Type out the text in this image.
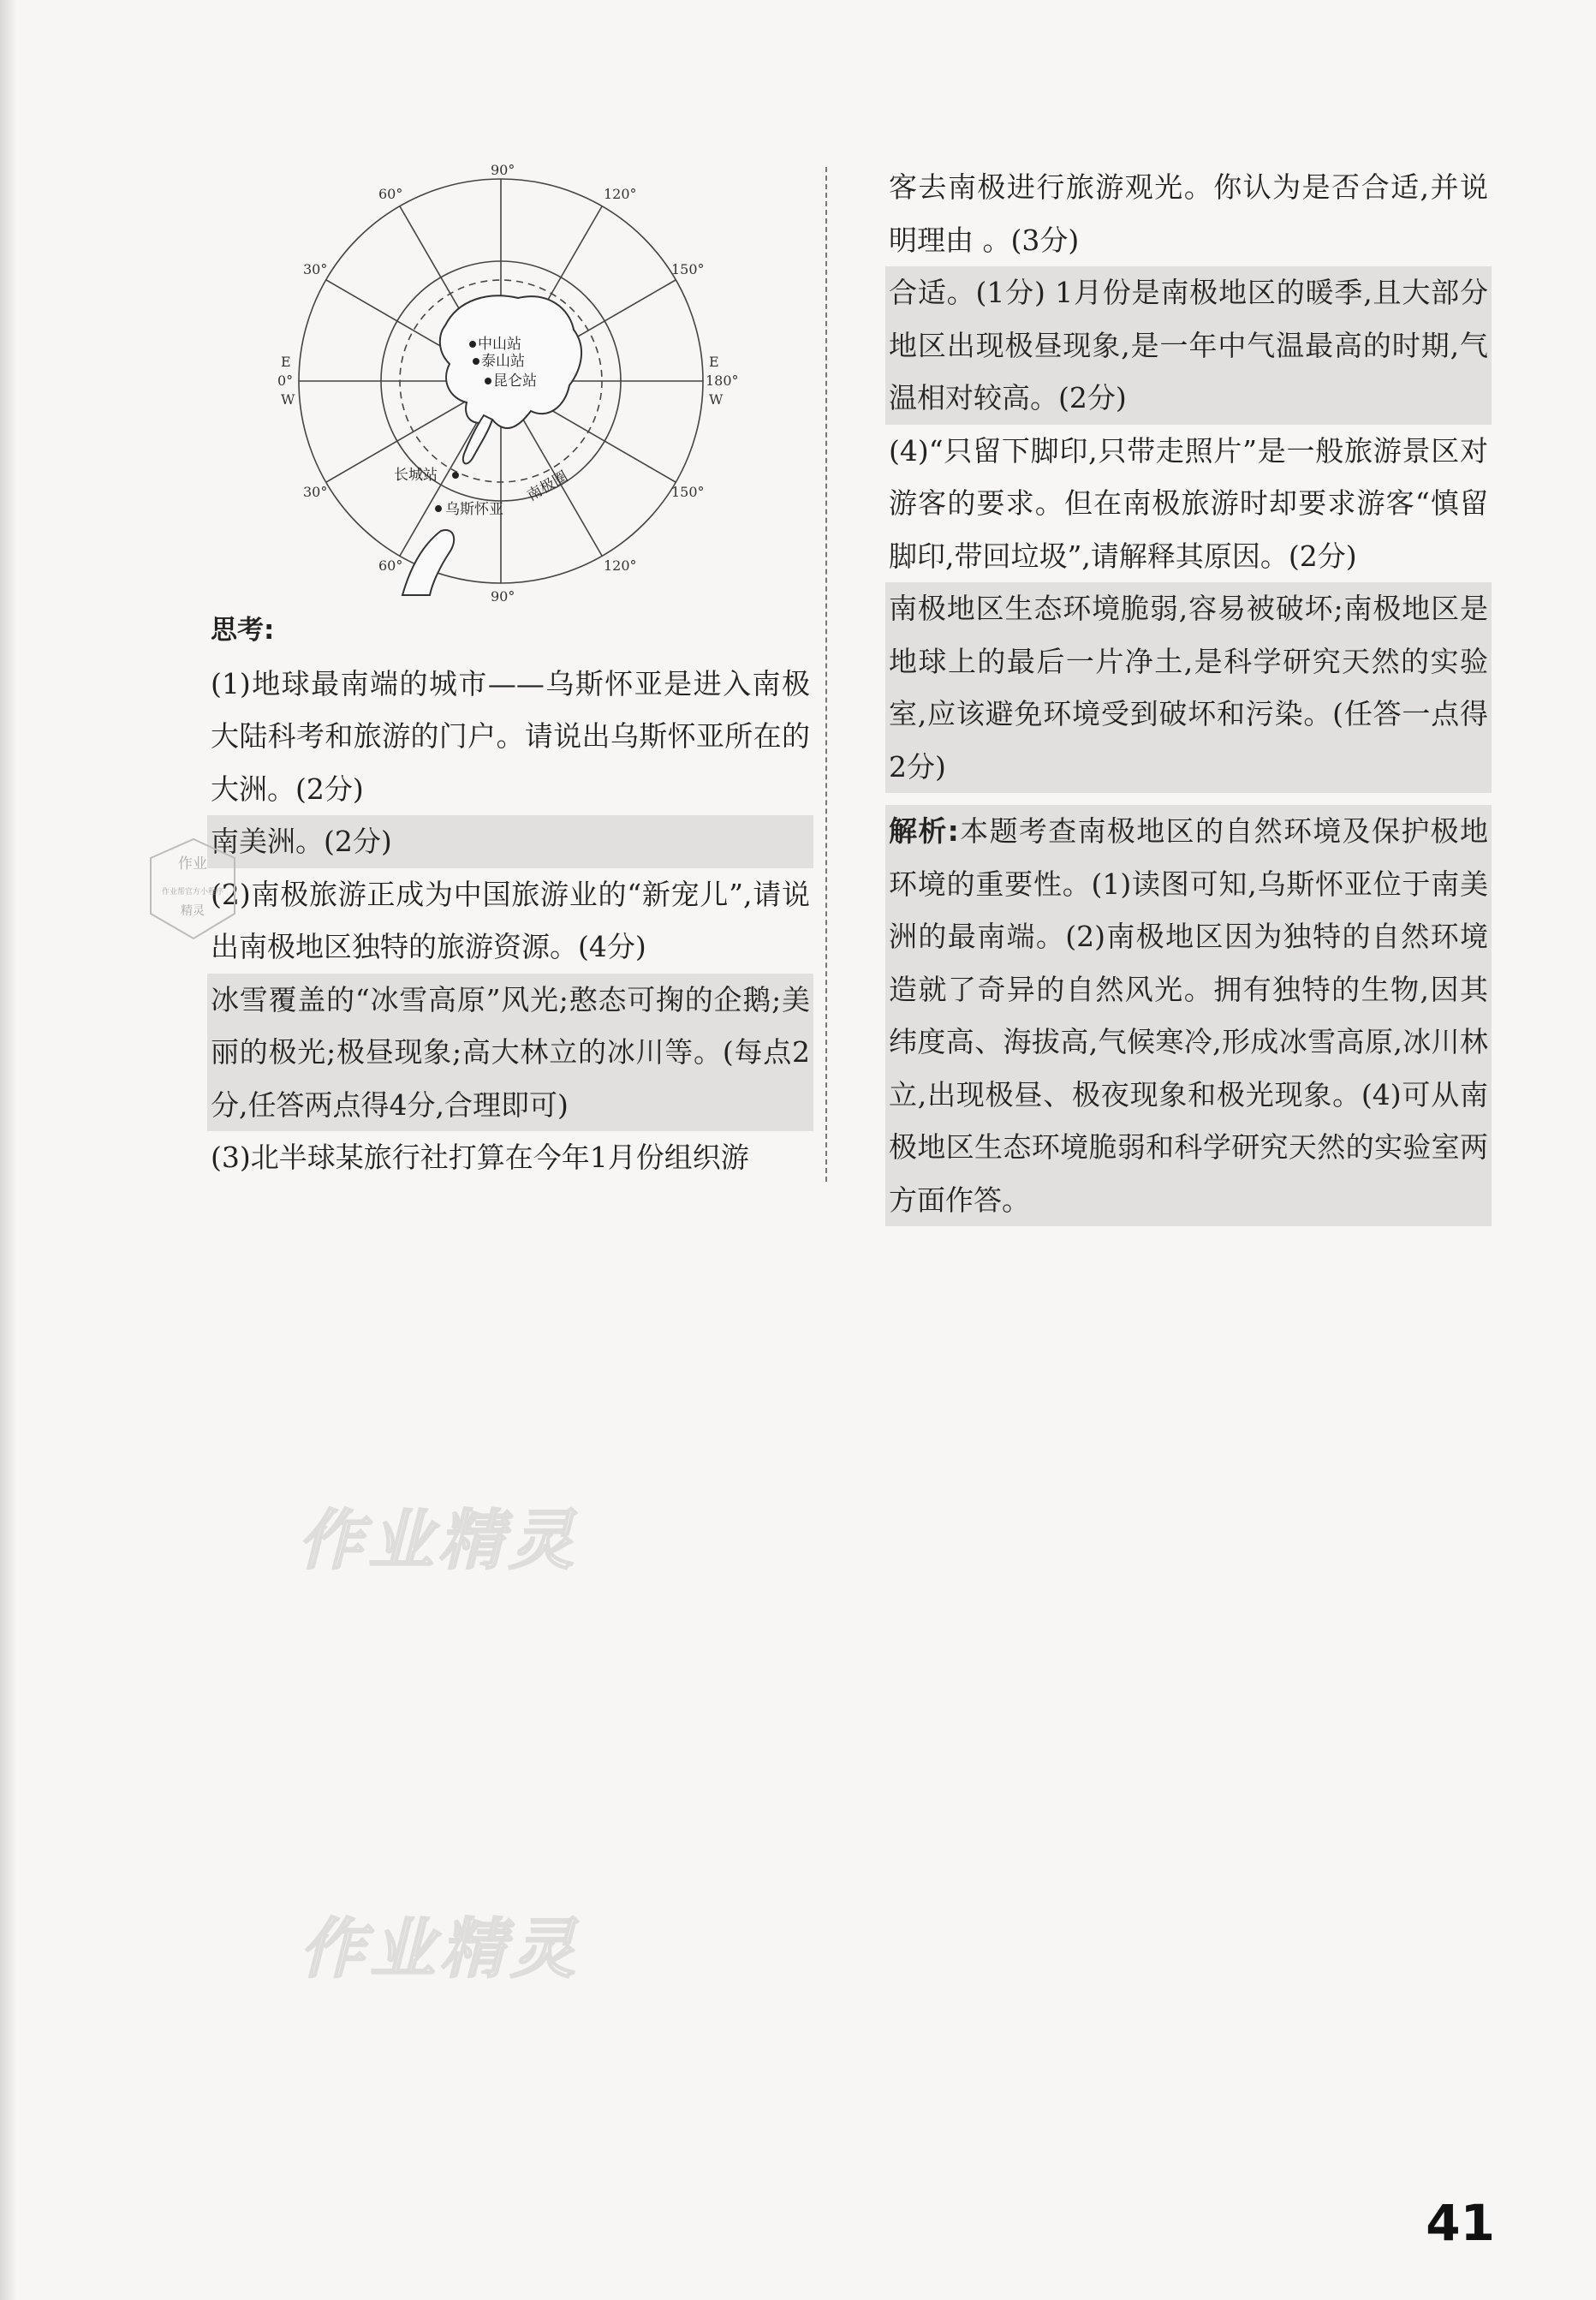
中山站
泰山站
昆仑站
长城站
乌斯怀亚
南极圈
90°
90°
60°	120°
30°	150°
30°	150°
60°	120°
E
0°
W
E
180°
W

思考:

(1)地球最南端的城市——乌斯怀亚是进入南极大陆科考和旅游的门户。请说出乌斯怀亚所在的大洲。(2分)

南美洲。(2分)

(2)南极旅游正成为中国旅游业的“新宠儿”,请说出南极地区独特的旅游资源。(4分)

冰雪覆盖的“冰雪高原”风光;憨态可掬的企鹅;美丽的极光;极昼现象;高大林立的冰川等。(每点2分,任答两点得4分,合理即可)

(3)北半球某旅行社打算在今年1月份组织游

客去南极进行旅游观光。你认为是否合适,并说明理由 。(3分)

合适。(1分) 1月份是南极地区的暖季,且大部分地区出现极昼现象,是一年中气温最高的时期,气温相对较高。(2分)

(4)“只留下脚印,只带走照片”是一般旅游景区对游客的要求。但在南极旅游时却要求游客“慎留脚印,带回垃圾”,请解释其原因。(2分)

南极地区生态环境脆弱,容易被破坏;南极地区是地球上的最后一片净土,是科学研究天然的实验室,应该避免环境受到破坏和污染。(任答一点得2分)

解析:本题考查南极地区的自然环境及保护极地环境的重要性。(1)读图可知,乌斯怀亚位于南美洲的最南端。(2)南极地区因为独特的自然环境造就了奇异的自然风光。拥有独特的生物,因其纬度高、海拔高,气候寒冷,形成冰雪高原,冰川林立,出现极昼、极夜现象和极光现象。(4)可从南极地区生态环境脆弱和科学研究天然的实验室两方面作答。

作业
作业帮官方小程序
精灵
作业精灵
作业精灵
41
